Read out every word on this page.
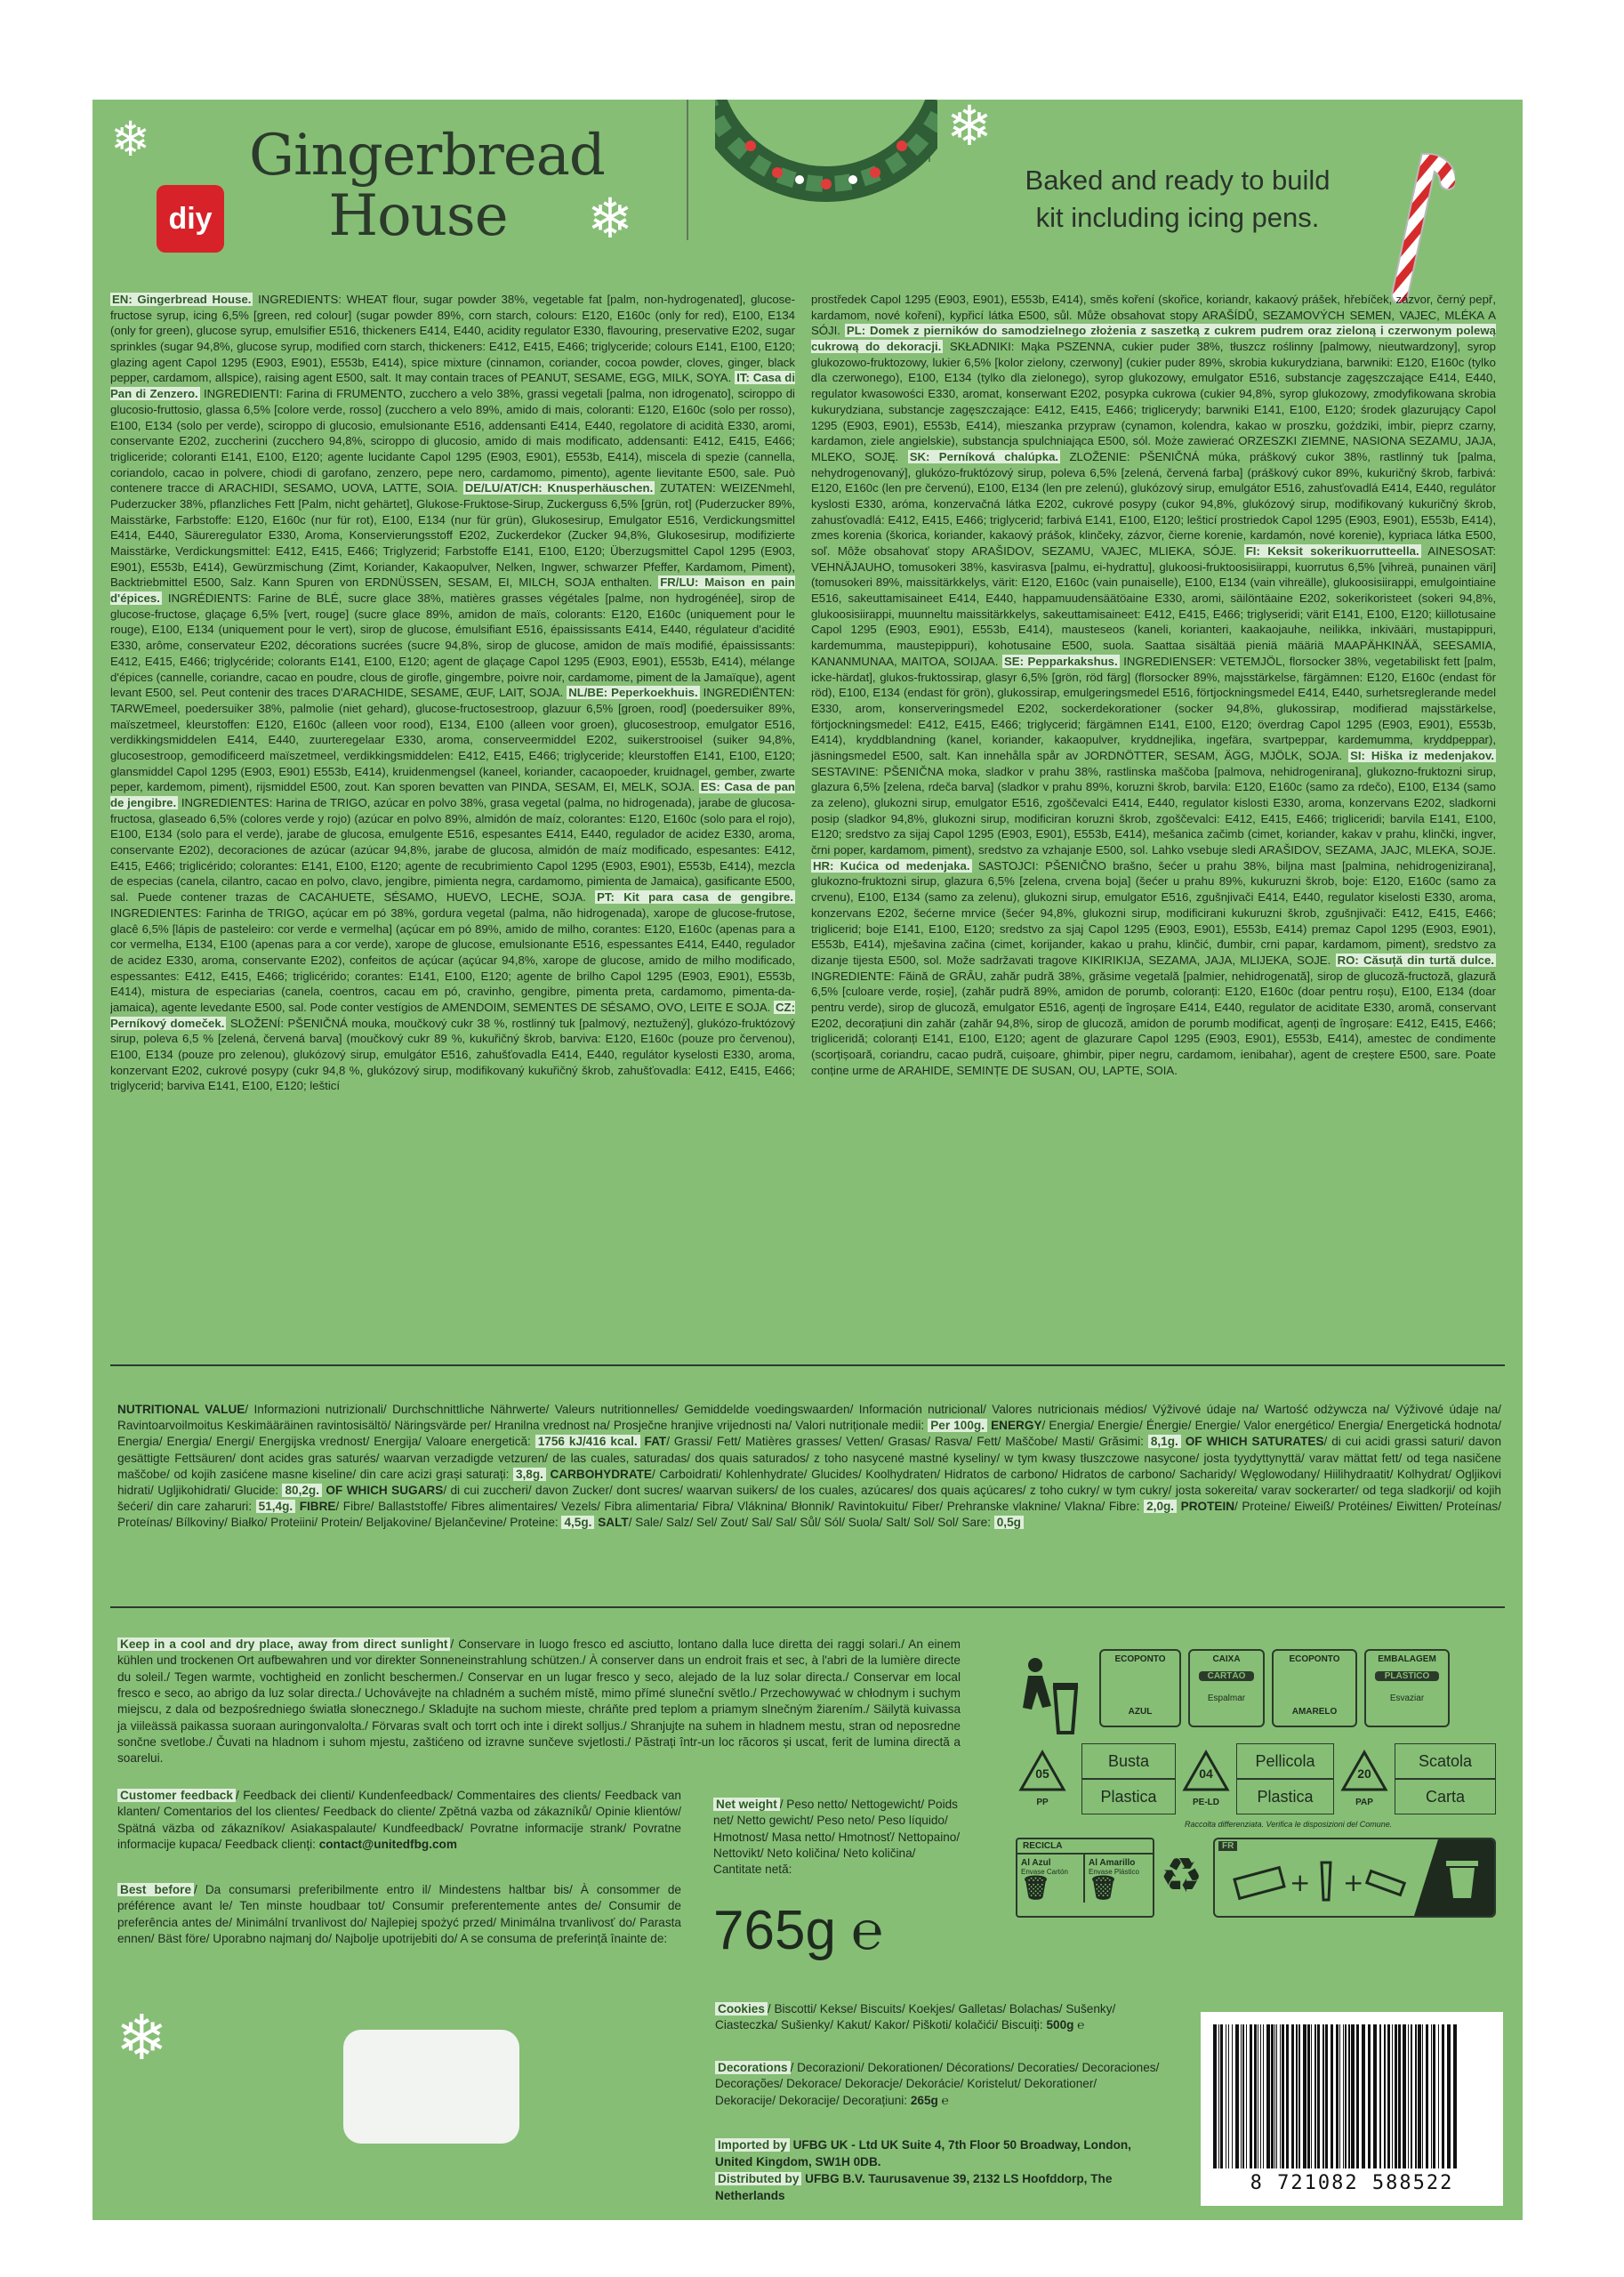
❄
❄
❄
diy
Gingerbread
House
Baked and ready to build
kit including icing pens.

EN: Gingerbread House. INGREDIENTS: WHEAT flour, sugar powder 38%, vegetable fat [palm, non-hydrogenated], glucose-fructose syrup, icing 6,5% [green, red colour] (sugar powder 89%, corn starch, colours: E120, E160c (only for red), E100, E134 (only for green), glucose syrup, emulsifier E516, thickeners E414, E440, acidity regulator E330, flavouring, preservative E202, sugar sprinkles (sugar 94,8%, glucose syrup, modified corn starch, thickeners: E412, E415, E466; triglyceride; colours E141, E100, E120; glazing agent Capol 1295 (E903, E901), E553b, E414), spice mixture (cinnamon, coriander, cocoa powder, cloves, ginger, black pepper, cardamom, allspice), raising agent E500, salt. It may contain traces of PEANUT, SESAME, EGG, MILK, SOYA. IT: Casa di Pan di Zenzero. INGREDIENTI: Farina di FRUMENTO, zucchero a velo 38%, grassi vegetali [palma, non idrogenato], sciroppo di glucosio-fruttosio, glassa 6,5% [colore verde, rosso] (zucchero a velo 89%, amido di mais, coloranti: E120, E160c (solo per rosso), E100, E134 (solo per verde), sciroppo di glucosio, emulsionante E516, addensanti E414, E440, regolatore di acidità E330, aromi, conservante E202, zuccherini (zucchero 94,8%, sciroppo di glucosio, amido di mais modificato, addensanti: E412, E415, E466; trigliceride; coloranti E141, E100, E120; agente lucidante Capol 1295 (E903, E901), E553b, E414), miscela di spezie (cannella, coriandolo, cacao in polvere, chiodi di garofano, zenzero, pepe nero, cardamomo, pimento), agente lievitante E500, sale. Può contenere tracce di ARACHIDI, SESAMO, UOVA, LATTE, SOIA. DE/LU/AT/CH: Knusperhäuschen. ZUTATEN: WEIZENmehl, Puderzucker 38%, pflanzliches Fett [Palm, nicht gehärtet], Glukose-Fruktose-Sirup, Zuckerguss 6,5% [grün, rot] (Puderzucker 89%, Maisstärke, Farbstoffe: E120, E160c (nur für rot), E100, E134 (nur für grün), Glukosesirup, Emulgator E516, Verdickungsmittel E414, E440, Säureregulator E330, Aroma, Konservierungsstoff E202, Zuckerdekor (Zucker 94,8%, Glukosesirup, modifizierte Maisstärke, Verdickungsmittel: E412, E415, E466; Triglyzerid; Farbstoffe E141, E100, E120; Überzugsmittel Capol 1295 (E903, E901), E553b, E414), Gewürzmischung (Zimt, Koriander, Kakaopulver, Nelken, Ingwer, schwarzer Pfeffer, Kardamom, Piment), Backtriebmittel E500, Salz. Kann Spuren von ERDNÜSSEN, SESAM, EI, MILCH, SOJA enthalten. FR/LU: Maison en pain d'épices. INGRÉDIENTS: Farine de BLÉ, sucre glace 38%, matières grasses végétales [palme, non hydrogénée], sirop de glucose-fructose, glaçage 6,5% [vert, rouge] (sucre glace 89%, amidon de maïs, colorants: E120, E160c (uniquement pour le rouge), E100, E134 (uniquement pour le vert), sirop de glucose, émulsifiant E516, épaississants E414, E440, régulateur d'acidité E330, arôme, conservateur E202, décorations sucrées (sucre 94,8%, sirop de glucose, amidon de maïs modifié, épaississants: E412, E415, E466; triglycéride; colorants E141, E100, E120; agent de glaçage Capol 1295 (E903, E901), E553b, E414), mélange d'épices (cannelle, coriandre, cacao en poudre, clous de girofle, gingembre, poivre noir, cardamome, piment de la Jamaïque), agent levant E500, sel. Peut contenir des traces D'ARACHIDE, SESAME, ŒUF, LAIT, SOJA. NL/BE: Peperkoekhuis. INGREDIËNTEN: TARWEmeel, poedersuiker 38%, palmolie (niet gehard), glucose-fructosestroop, glazuur 6,5% [groen, rood] (poedersuiker 89%, maïszetmeel, kleurstoffen: E120, E160c (alleen voor rood), E134, E100 (alleen voor groen), glucosestroop, emulgator E516, verdikkingsmiddelen E414, E440, zuurteregelaar E330, aroma, conserveermiddel E202, suikerstrooisel (suiker 94,8%, glucosestroop, gemodificeerd maïszetmeel, verdikkingsmiddelen: E412, E415, E466; triglyceride; kleurstoffen E141, E100, E120; glansmiddel Capol 1295 (E903, E901) E553b, E414), kruidenmengsel (kaneel, koriander, cacaopoeder, kruidnagel, gember, zwarte peper, kardemom, piment), rijsmiddel E500, zout. Kan sporen bevatten van PINDA, SESAM, EI, MELK, SOJA. ES: Casa de pan de jengibre. INGREDIENTES: Harina de TRIGO, azúcar en polvo 38%, grasa vegetal (palma, no hidrogenada), jarabe de glucosa-fructosa, glaseado 6,5% (colores verde y rojo) (azúcar en polvo 89%, almidón de maíz, colorantes: E120, E160c (solo para el rojo), E100, E134 (solo para el verde), jarabe de glucosa, emulgente E516, espesantes E414, E440, regulador de acidez E330, aroma, conservante E202), decoraciones de azúcar (azúcar 94,8%, jarabe de glucosa, almidón de maíz modificado, espesantes: E412, E415, E466; triglicérido; colorantes: E141, E100, E120; agente de recubrimiento Capol 1295 (E903, E901), E553b, E414), mezcla de especias (canela, cilantro, cacao en polvo, clavo, jengibre, pimienta negra, cardamomo, pimienta de Jamaica), gasificante E500, sal. Puede contener trazas de CACAHUETE, SÉSAMO, HUEVO, LECHE, SOJA. PT: Kit para casa de gengibre. INGREDIENTES: Farinha de TRIGO, açúcar em pó 38%, gordura vegetal (palma, não hidrogenada), xarope de glucose-frutose, glacê 6,5% [lápis de pasteleiro: cor verde e vermelha] (açúcar em pó 89%, amido de milho, corantes: E120, E160c (apenas para a cor vermelha, E134, E100 (apenas para a cor verde), xarope de glucose, emulsionante E516, espessantes E414, E440, regulador de acidez E330, aroma, conservante E202), confeitos de açúcar (açúcar 94,8%, xarope de glucose, amido de milho modificado, espessantes: E412, E415, E466; triglicérido; corantes: E141, E100, E120; agente de brilho Capol 1295 (E903, E901), E553b, E414), mistura de especiarias (canela, coentros, cacau em pó, cravinho, gengibre, pimenta preta, cardamomo, pimenta-da-jamaica), agente levedante E500, sal. Pode conter vestígios de AMENDOIM, SEMENTES DE SÉSAMO, OVO, LEITE E SOJA. CZ: Perníkový domeček. SLOŽENÍ: PŠENIČNÁ mouka, moučkový cukr 38 %, rostlinný tuk [palmový, neztužený], glukózo-fruktózový sirup, poleva 6,5 % [zelená, červená barva] (moučkový cukr 89 %, kukuřičný škrob, barviva: E120, E160c (pouze pro červenou), E100, E134 (pouze pro zelenou), glukózový sirup, emulgátor E516, zahušťovadla E414, E440, regulátor kyselosti E330, aroma, konzervant E202, cukrové posypy (cukr 94,8 %, glukózový sirup, modifikovaný kukuřičný škrob, zahušťovadla: E412, E415, E466; triglycerid; barviva E141, E100, E120; lešticí

prostředek Capol 1295 (E903, E901), E553b, E414), směs koření (skořice, koriandr, kakaový prášek, hřebíček, zázvor, černý pepř, kardamom, nové koření), kypřicí látka E500, sůl. Může obsahovat stopy ARAŠÍDŮ, SEZAMOVÝCH SEMEN, VAJEC, MLÉKA A SÓJI. PL: Domek z pierników do samodzielnego złożenia z saszetką z cukrem pudrem oraz zieloną i czerwonym polewą cukrową do dekoracji. SKŁADNIKI: Mąka PSZENNA, cukier puder 38%, tłuszcz roślinny [palmowy, nieutwardzony], syrop glukozowo-fruktozowy, lukier 6,5% [kolor zielony, czerwony] (cukier puder 89%, skrobia kukurydziana, barwniki: E120, E160c (tylko dla czerwonego), E100, E134 (tylko dla zielonego), syrop glukozowy, emulgator E516, substancje zagęszczające E414, E440, regulator kwasowości E330, aromat, konserwant E202, posypka cukrowa (cukier 94,8%, syrop glukozowy, zmodyfikowana skrobia kukurydziana, substancje zagęszczające: E412, E415, E466; triglicerydy; barwniki E141, E100, E120; środek glazurujący Capol 1295 (E903, E901), E553b, E414), mieszanka przypraw (cynamon, kolendra, kakao w proszku, goździki, imbir, pieprz czarny, kardamon, ziele angielskie), substancja spulchniająca E500, sól. Może zawierać ORZESZKI ZIEMNE, NASIONA SEZAMU, JAJA, MLEKO, SOJĘ. SK: Perníková chalúpka. ZLOŽENIE: PŠENIČNÁ múka, práškový cukor 38%, rastlinný tuk [palma, nehydrogenovaný], glukózo-fruktózový sirup, poleva 6,5% [zelená, červená farba] (práškový cukor 89%, kukuričný škrob, farbivá: E120, E160c (len pre červenú), E100, E134 (len pre zelenú), glukózový sirup, emulgátor E516, zahusťovadlá E414, E440, regulátor kyslosti E330, aróma, konzervačná látka E202, cukrové posypy (cukor 94,8%, glukózový sirup, modifikovaný kukuričný škrob, zahusťovadlá: E412, E415, E466; triglycerid; farbivá E141, E100, E120; lešticí prostriedok Capol 1295 (E903, E901), E553b, E414), zmes korenia (škorica, koriander, kakaový prášok, klinčeky, zázvor, čierne korenie, kardamón, nové korenie), kypriaca látka E500, soľ. Môže obsahovať stopy ARAŠIDOV, SEZAMU, VAJEC, MLIEKA, SÓJE. FI: Keksit sokerikuorrutteella. AINESOSAT: VEHNÄJAUHO, tomusokeri 38%, kasvirasva [palmu, ei-hydrattu], glukoosi-fruktoosisiirappi, kuorrutus 6,5% [vihreä, punainen väri] (tomusokeri 89%, maissitärkkelys, värit: E120, E160c (vain punaiselle), E100, E134 (vain vihreälle), glukoosisiirappi, emulgointiaine E516, sakeuttamisaineet E414, E440, happamuudensäätöaine E330, aromi, säilöntäaine E202, sokerikoristeet (sokeri 94,8%, glukoosisiirappi, muunneltu maissitärkkelys, sakeuttamisaineet: E412, E415, E466; triglyseridi; värit E141, E100, E120; kiillotusaine Capol 1295 (E903, E901), E553b, E414), mausteseos (kaneli, korianteri, kaakaojauhe, neilikka, inkivääri, mustapippuri, kardemumma, maustepippuri), kohotusaine E500, suola. Saattaa sisältää pieniä määriä MAAPÄHKINÄÄ, SEESAMIA, KANANMUNAA, MAITOA, SOIJAA. SE: Pepparkakshus. INGREDIENSER: VETEMJÖL, florsocker 38%, vegetabiliskt fett [palm, icke-härdat], glukos-fruktossirap, glasyr 6,5% [grön, röd färg] (florsocker 89%, majsstärkelse, färgämnen: E120, E160c (endast för röd), E100, E134 (endast för grön), glukossirap, emulgeringsmedel E516, förtjockningsmedel E414, E440, surhetsreglerande medel E330, arom, konserveringsmedel E202, sockerdekorationer (socker 94,8%, glukossirap, modifierad majsstärkelse, förtjockningsmedel: E412, E415, E466; triglycerid; färgämnen E141, E100, E120; överdrag Capol 1295 (E903, E901), E553b, E414), kryddblandning (kanel, koriander, kakaopulver, kryddnejlika, ingefära, svartpeppar, kardemumma, kryddpeppar), jäsningsmedel E500, salt. Kan innehålla spår av JORDNÖTTER, SESAM, ÄGG, MJÖLK, SOJA. SI: Hiška iz medenjakov. SESTAVINE: PŠENIČNA moka, sladkor v prahu 38%, rastlinska maščoba [palmova, nehidrogenirana], glukozno-fruktozni sirup, glazura 6,5% [zelena, rdeča barva] (sladkor v prahu 89%, koruzni škrob, barvila: E120, E160c (samo za rdečo), E100, E134 (samo za zeleno), glukozni sirup, emulgator E516, zgoščevalci E414, E440, regulator kislosti E330, aroma, konzervans E202, sladkorni posip (sladkor 94,8%, glukozni sirup, modificiran koruzni škrob, zgoščevalci: E412, E415, E466; trigliceridi; barvila E141, E100, E120; sredstvo za sijaj Capol 1295 (E903, E901), E553b, E414), mešanica začimb (cimet, koriander, kakav v prahu, klinčki, ingver, črni poper, kardamom, piment), sredstvo za vzhajanje E500, sol. Lahko vsebuje sledi ARAŠIDOV, SEZAMA, JAJC, MLEKA, SOJE. HR: Kućica od medenjaka. SASTOJCI: PŠENIČNO brašno, šećer u prahu 38%, biljna mast [palmina, nehidrogenizirana], glukozno-fruktozni sirup, glazura 6,5% [zelena, crvena boja] (šećer u prahu 89%, kukuruzni škrob, boje: E120, E160c (samo za crvenu), E100, E134 (samo za zelenu), glukozni sirup, emulgator E516, zgušnjivači E414, E440, regulator kiselosti E330, aroma, konzervans E202, šećerne mrvice (šećer 94,8%, glukozni sirup, modificirani kukuruzni škrob, zgušnjivači: E412, E415, E466; triglicerid; boje E141, E100, E120; sredstvo za sjaj Capol 1295 (E903, E901), E553b, E414) premaz Capol 1295 (E903, E901), E553b, E414), mješavina začina (cimet, korijander, kakao u prahu, klinčić, đumbir, crni papar, kardamom, piment), sredstvo za dizanje tijesta E500, sol. Može sadržavati tragove KIKIRIKIJA, SEZAMA, JAJA, MLIJEKA, SOJE. RO: Căsuță din turtă dulce. INGREDIENTE: Făină de GRÂU, zahăr pudră 38%, grăsime vegetală [palmier, nehidrogenată], sirop de glucoză-fructoză, glazură 6,5% [culoare verde, roșie], (zahăr pudră 89%, amidon de porumb, coloranți: E120, E160c (doar pentru roșu), E100, E134 (doar pentru verde), sirop de glucoză, emulgator E516, agenți de îngroșare E414, E440, regulator de aciditate E330, aromă, conservant E202, decorațiuni din zahăr (zahăr 94,8%, sirop de glucoză, amidon de porumb modificat, agenți de îngroșare: E412, E415, E466; trigliceridă; coloranți E141, E100, E120; agent de glazurare Capol 1295 (E903, E901), E553b, E414), amestec de condimente (scorțișoară, coriandru, cacao pudră, cuișoare, ghimbir, piper negru, cardamom, ienibahar), agent de creștere E500, sare. Poate conține urme de ARAHIDE, SEMINȚE DE SUSAN, OU, LAPTE, SOIA.

NUTRITIONAL VALUE/ Informazioni nutrizionali/ Durchschnittliche Nährwerte/ Valeurs nutritionnelles/ Gemiddelde voedingswaarden/ Información nutricional/ Valores nutricionais médios/ Výživové údaje na/ Wartość odżywcza na/ Výživové údaje na/ Ravintoarvoilmoitus Keskimääräinen ravintosisältö/ Näringsvärde per/ Hranilna vrednost na/ Prosječne hranjive vrijednosti na/ Valori nutriționale medii: Per 100g. ENERGY/ Energia/ Energie/ Énergie/ Energie/ Valor energético/ Energia/ Energetická hodnota/ Energia/ Energia/ Energi/ Energijska vrednost/ Energija/ Valoare energetică: 1756 kJ/416 kcal. FAT/ Grassi/ Fett/ Matières grasses/ Vetten/ Grasas/ Rasva/ Fett/ Maščobe/ Masti/ Grăsimi: 8,1g. OF WHICH SATURATES/ di cui acidi grassi saturi/ davon gesättigte Fettsäuren/ dont acides gras saturés/ waarvan verzadigde vetzuren/ de las cuales, saturadas/ dos quais saturados/ z toho nasycené mastné kyseliny/ w tym kwasy tłuszczowe nasycone/ josta tyydyttynyttä/ varav mättat fett/ od tega nasičene maščobe/ od kojih zasićene masne kiseline/ din care acizi grași saturați: 3,8g. CARBOHYDRATE/ Carboidrati/ Kohlenhydrate/ Glucides/ Koolhydraten/ Hidratos de carbono/ Hidratos de carbono/ Sacharidy/ Węglowodany/ Hiilihydraatit/ Kolhydrat/ Ogljikovi hidrati/ Ugljikohidrati/ Glucide: 80,2g. OF WHICH SUGARS/ di cui zuccheri/ davon Zucker/ dont sucres/ waarvan suikers/ de los cuales, azúcares/ dos quais açúcares/ z toho cukry/ w tym cukry/ josta sokereita/ varav sockerarter/ od tega sladkorji/ od kojih šećeri/ din care zaharuri: 51,4g. FIBRE/ Fibre/ Ballaststoffe/ Fibres alimentaires/ Vezels/ Fibra alimentaria/ Fibra/ Vláknina/ Błonnik/ Ravintokuitu/ Fiber/ Prehranske vlaknine/ Vlakna/ Fibre: 2,0g. PROTEIN/ Proteine/ Eiweiß/ Protéines/ Eiwitten/ Proteínas/ Proteínas/ Bílkoviny/ Białko/ Proteiini/ Protein/ Beljakovine/ Bjelančevine/ Proteine: 4,5g. SALT/ Sale/ Salz/ Sel/ Zout/ Sal/ Sal/ Sůl/ Sól/ Suola/ Salt/ Sol/ Sol/ Sare: 0,5g
Keep in a cool and dry place, away from direct sunlight / Conservare in luogo fresco ed asciutto, lontano dalla luce diretta dei raggi solari./ An einem kühlen und trockenen Ort aufbewahren und vor direkter Sonneneinstrahlung schützen./ À conserver dans un endroit frais et sec, à l'abri de la lumière directe du soleil./ Tegen warmte, vochtigheid en zonlicht beschermen./ Conservar en un lugar fresco y seco, alejado de la luz solar directa./ Conservar em local fresco e seco, ao abrigo da luz solar directa./ Uchovávejte na chladném a suchém místě, mimo přímé sluneční světlo./ Przechowywać w chłodnym i suchym miejscu, z dala od bezpośredniego światła słonecznego./ Skladujte na suchom mieste, chráňte pred teplom a priamym slnečným žiarením./ Säilytä kuivassa ja viileässä paikassa suoraan auringonvalolta./ Förvaras svalt och torrt och inte i direkt solljus./ Shranjujte na suhem in hladnem mestu, stran od neposredne sončne svetlobe./ Čuvati na hladnom i suhom mjestu, zaštićeno od izravne sunčeve svjetlosti./ Păstrați într-un loc răcoros și uscat, ferit de lumina directă a soarelui.
Customer feedback / Feedback dei clienti/ Kundenfeedback/ Commentaires des clients/ Feedback van klanten/ Comentarios del los clientes/ Feedback do cliente/ Zpětná vazba od zákazníků/ Opinie klientów/ Spätná väzba od zákazníkov/ Asiakaspalaute/ Kundfeedback/ Povratne informacije strank/ Povratne informacije kupaca/ Feedback clienți: contact@unitedfbg.com
Best before / Da consumarsi preferibilmente entro il/ Mindestens haltbar bis/ À consommer de préférence avant le/ Ten minste houdbaar tot/ Consumir preferentemente antes de/ Consumir de preferência antes de/ Minimální trvanlivost do/ Najlepiej spożyć przed/ Minimálna trvanlivosť do/ Parasta ennen/ Bäst före/ Uporabno najmanj do/ Najbolje upotrijebiti do/ A se consuma de preferință înainte de:
Net weight / Peso netto/ Nettogewicht/ Poids net/ Netto gewicht/ Peso neto/ Peso líquido/ Hmotnost/ Masa netto/ Hmotnosť/ Nettopaino/ Nettovikt/ Neto količina/ Neto količina/ Cantitate netă:
765g ℮
Cookies / Biscotti/ Kekse/ Biscuits/ Koekjes/ Galletas/ Bolachas/ Sušenky/ Ciasteczka/ Sušienky/ Kakut/ Kakor/ Piškoti/ kolačići/ Biscuiți: 500g ℮
Decorations / Decorazioni/ Dekorationen/ Décorations/ Decoraties/ Decoraciones/ Decorações/ Dekorace/ Dekoracje/ Dekorácie/ Koristelut/ Dekorationer/ Dekoracije/ Dekoracije/ Decorațiuni: 265g ℮
Imported by UFBG UK - Ltd UK Suite 4, 7th Floor 50 Broadway, London, United Kingdom, SW1H 0DB.
Distributed by UFBG B.V. Taurusavenue 39, 2132 LS Hoofddorp, The Netherlands
❄
ECOPONTO
AZUL
CAIXA
CARTÃO
Espalmar
ECOPONTO
AMARELO
EMBALAGEM
PLÁSTICO
Esvaziar
05
PP
Busta
Plastica
04
PE-LD
Pellicola
Plastica
20
PAP
Scatola
Carta
Raccolta differenziata. Verifica le disposizioni del Comune.
RECICLA
Al Azul
Envase Cartón
🗑
Al Amarillo
Envase Plástico
🗑 ♻
FR
+ +
8 721082 588522
